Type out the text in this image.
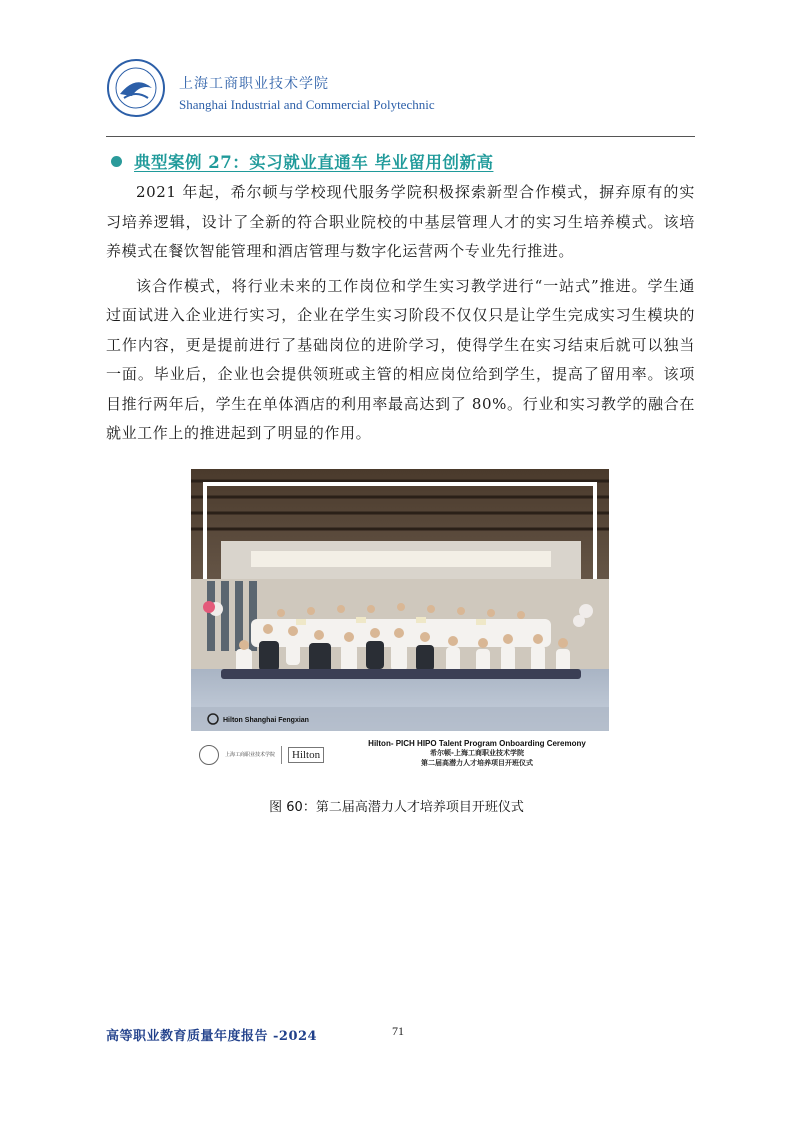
上海工商职业技术学院
Shanghai Industrial and Commercial Polytechnic
典型案例 27：实习就业直通车 毕业留用创新高

2021 年起，希尔顿与学校现代服务学院积极探索新型合作模式，摒弃原有的实习培养逻辑，设计了全新的符合职业院校的中基层管理人才的实习生培养模式。该培养模式在餐饮智能管理和酒店管理与数字化运营两个专业先行推进。

该合作模式，将行业未来的工作岗位和学生实习教学进行“一站式”推进。学生通过面试进入企业进行实习，企业在学生实习阶段不仅仅只是让学生完成实习生模块的工作内容，更是提前进行了基础岗位的进阶学习，使得学生在实习结束后就可以独当一面。毕业后，企业也会提供领班或主管的相应岗位给到学生，提高了留用率。该项目推行两年后，学生在单体酒店的利用率最高达到了 80%。行业和实习教学的融合在就业工作上的推进起到了明显的作用。

Hilton Shanghai Fengxian
上海工商职业技术学院	Hilton
Hilton- PICH HIPO Talent Program Onboarding Ceremony
希尔顿-上海工商职业技术学院
第二届高潜力人才培养项目开班仪式
图 60：第二届高潜力人才培养项目开班仪式
高等职业教育质量年度报告 -2024	71
